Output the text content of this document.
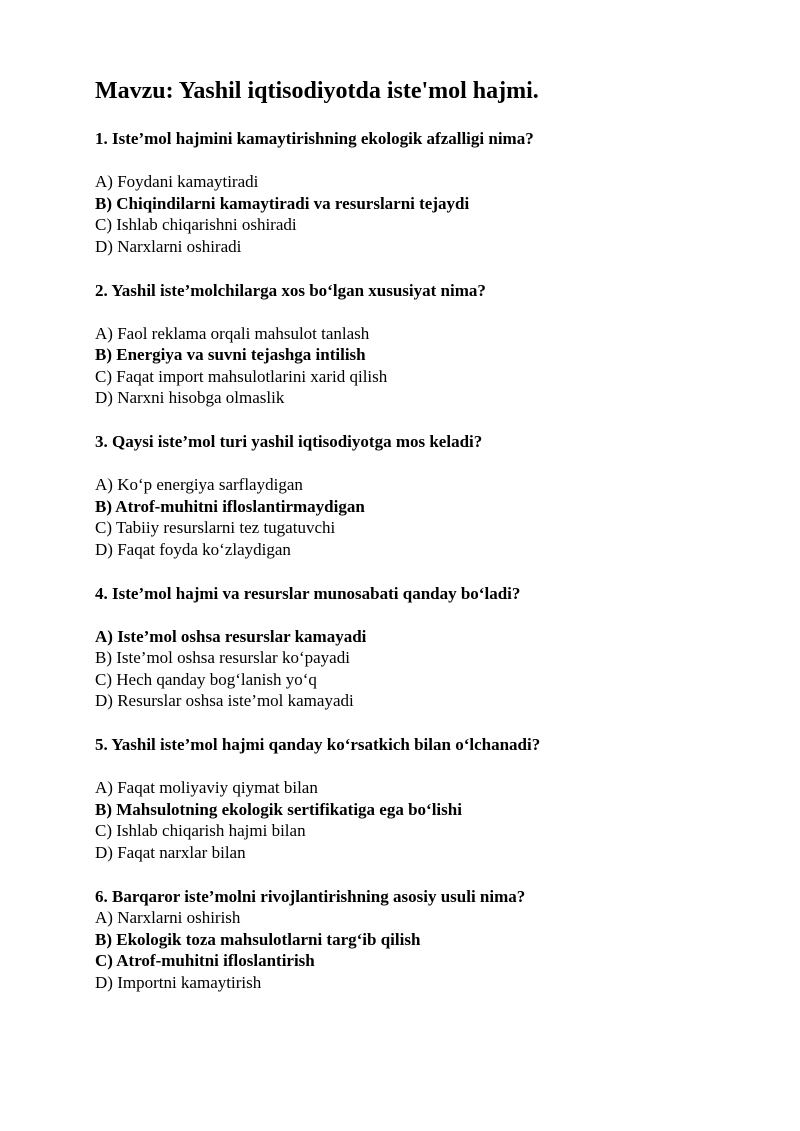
Mavzu: Yashil iqtisodiyotda iste'mol hajmi.
1. Iste’mol hajmini kamaytirishning ekologik afzalligi nima?
A) Foydani kamaytiradi
B) Chiqindilarni kamaytiradi va resurslarni tejaydi
C) Ishlab chiqarishni oshiradi
D) Narxlarni oshiradi
2. Yashil iste’molchilarga xos bo‘lgan xususiyat nima?
A) Faol reklama orqali mahsulot tanlash
B) Energiya va suvni tejashga intilish
C) Faqat import mahsulotlarini xarid qilish
D) Narxni hisobga olmaslik
3. Qaysi iste’mol turi yashil iqtisodiyotga mos keladi?
A) Ko‘p energiya sarflaydigan
B) Atrof-muhitni ifloslantirmaydigan
C) Tabiiy resurslarni tez tugatuvchi
D) Faqat foyda ko‘zlaydigan
4. Iste’mol hajmi va resurslar munosabati qanday bo‘ladi?
A) Iste’mol oshsa resurslar kamayadi
B) Iste’mol oshsa resurslar ko‘payadi
C) Hech qanday bog‘lanish yo‘q
D) Resurslar oshsa iste’mol kamayadi
5. Yashil iste’mol hajmi qanday ko‘rsatkich bilan o‘lchanadi?
A) Faqat moliyaviy qiymat bilan
B) Mahsulotning ekologik sertifikatiga ega bo‘lishi
C) Ishlab chiqarish hajmi bilan
D) Faqat narxlar bilan
6. Barqaror iste’molni rivojlantirishning asosiy usuli nima?
A) Narxlarni oshirish
B) Ekologik toza mahsulotlarni targ‘ib qilish
C) Atrof-muhitni ifloslantirish
D) Importni kamaytirish
